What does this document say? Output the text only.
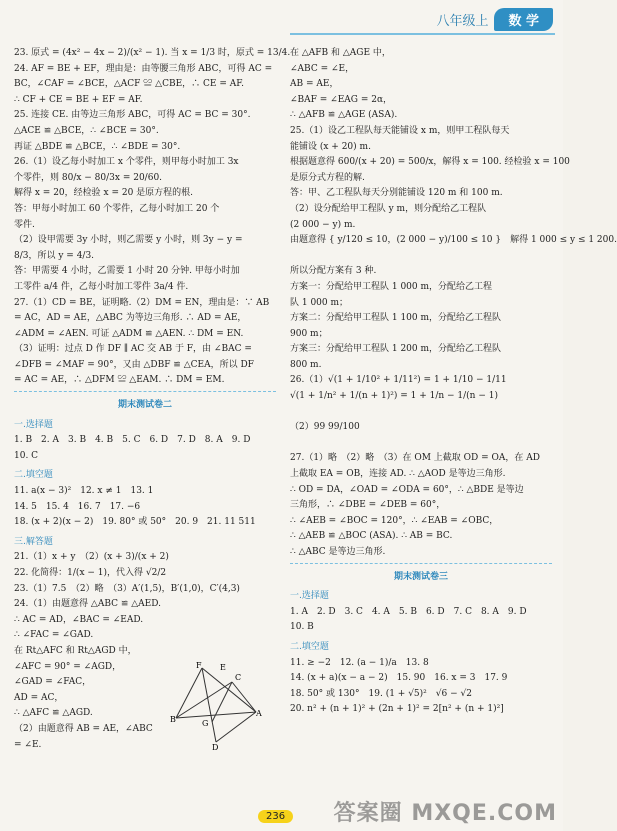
八年级上	数 学
23. 原式 = (4x² − 4x − 2)/(x² − 1). 当 x = 1/3 时，原式 = 13/4.
24. AF = BE + EF，理由是：由等腰三角形 ABC，可得 AC =
BC，∠CAF = ∠BCE，△ACF ≌ △CBE，∴ CE = AF.
∴ CF + CE = BE + EF = AF.
25. 连接 CE. 由等边三角形 ABC，可得 AC = BC = 30°.
△ACE ≌ △BCE，∴ ∠BCE = 30°.
再证 △BDE ≌ △BCE，∴ ∠BDE = 30°.
26.（1）设乙每小时加工 x 个零件，则甲每小时加工 3x
个零件，则 80/x − 80/3x = 20/60.
解得 x = 20，经检验 x = 20 是原方程的根.
答：甲每小时加工 60 个零件，乙每小时加工 20 个
零件.
（2）设甲需要 3y 小时，则乙需要 y 小时，则 3y − y =
8/3，所以 y = 4/3.
答：甲需要 4 小时，乙需要 1 小时 20 分钟. 甲每小时加
工零件 a/4 件，乙每小时加工零件 3a/4 件.
27.（1）CD = BE，证明略.（2）DM = EN，理由是：∵ AB
= AC，AD = AE，△ABC 为等边三角形. ∴ AD = AE，
∠ADM = ∠AEN. 可证 △ADM ≌ △AEN. ∴ DM = EN.
（3）证明：过点 D 作 DF ∥ AC 交 AB 于 F，由 ∠BAC =
∠DFB = ∠MAF = 90°，又由 △DBF ≌ △CEA，所以 DF
= AC = AE，∴ △DFM ≌ △EAM. ∴ DM = EM.
期末测试卷二
一.选择题
1. B　2. A　3. B　4. B　5. C　6. D　7. D　8. A　9. D
10. C
二.填空题
11. a(x − 3)²　12. x ≠ 1　13. 1
14. 5　15. 4　16. 7　17. −6
18. (x + 2)(x − 2)　19. 80° 或 50°　20. 9　21. 11 511
三.解答题
21.（1）x + y　（2）(x + 3)/(x + 2)
22. 化简得：1/(x − 1)，代入得 √2/2
23.（1）7.5　（2）略　（3）A′(1,5)，B′(1,0)，C′(4,3)
24.（1）由题意得 △ABC ≌ △AED.
∴ AC = AD，∠BAC = ∠EAD.
∴ ∠FAC = ∠GAD.
在 Rt△AFC 和 Rt△AGD 中，
∠AFC = 90° = ∠AGD，
∠GAD = ∠FAC，
AD = AC，
∴ △AFC ≌ △AGD.
（2）由题意得 AB = AE，∠ABC
= ∠E.
F E
C
A
B	G
D
在 △AFB 和 △AGE 中，
∠ABC = ∠E，
AB = AE，
∠BAF = ∠EAG = 2α，
∴ △AFB ≌ △AGE (ASA).
25.（1）设乙工程队每天能铺设 x m，则甲工程队每天
能铺设 (x + 20) m.
根据题意得 600/(x + 20) = 500/x，解得 x = 100. 经检验 x = 100
是原分式方程的解.
答：甲、乙工程队每天分别能铺设 120 m 和 100 m.
（2）设分配给甲工程队 y m，则分配给乙工程队
(2 000 − y) m.
由题意得 { y/120 ≤ 10，(2 000 − y)/100 ≤ 10 }　解得 1 000 ≤ y ≤ 1 200.

所以分配方案有 3 种.
方案一：分配给甲工程队 1 000 m，分配给乙工程
队 1 000 m；
方案二：分配给甲工程队 1 100 m，分配给乙工程队
900 m；
方案三：分配给甲工程队 1 200 m，分配给乙工程队
800 m.
26.（1）√(1 + 1/10² + 1/11²) = 1 + 1/10 − 1/11
√(1 + 1/n² + 1/(n + 1)²) = 1 + 1/n − 1/(n − 1)

（2）99 99/100

27.（1）略　（2）略　（3）在 OM 上截取 OD = OA，在 AD
上截取 EA = OB，连接 AD. ∴ △AOD 是等边三角形.
∴ OD = DA，∠OAD = ∠ODA = 60°，∴ △BDE 是等边
三角形，∴ ∠DBE = ∠DEB = 60°，
∴ ∠AEB = ∠BOC = 120°，∴ ∠EAB = ∠OBC，
∴ △AEB ≌ △BOC (ASA). ∴ AB = BC.
∴ △ABC 是等边三角形.
期末测试卷三
一.选择题
1. A　2. D　3. C　4. A　5. B　6. D　7. C　8. A　9. D
10. B
二.填空题
11. ≥ −2　12. (a − 1)/a　13. 8
14. (x + a)(x − a − 2)　15. 90　16. x = 3　17. 9
18. 50° 或 130°　19. (1 + √5)²　√6 − √2
20. n² + (n + 1)² + (2n + 1)² = 2[n² + (n + 1)²]
236	答案圈 MXQE.COM
